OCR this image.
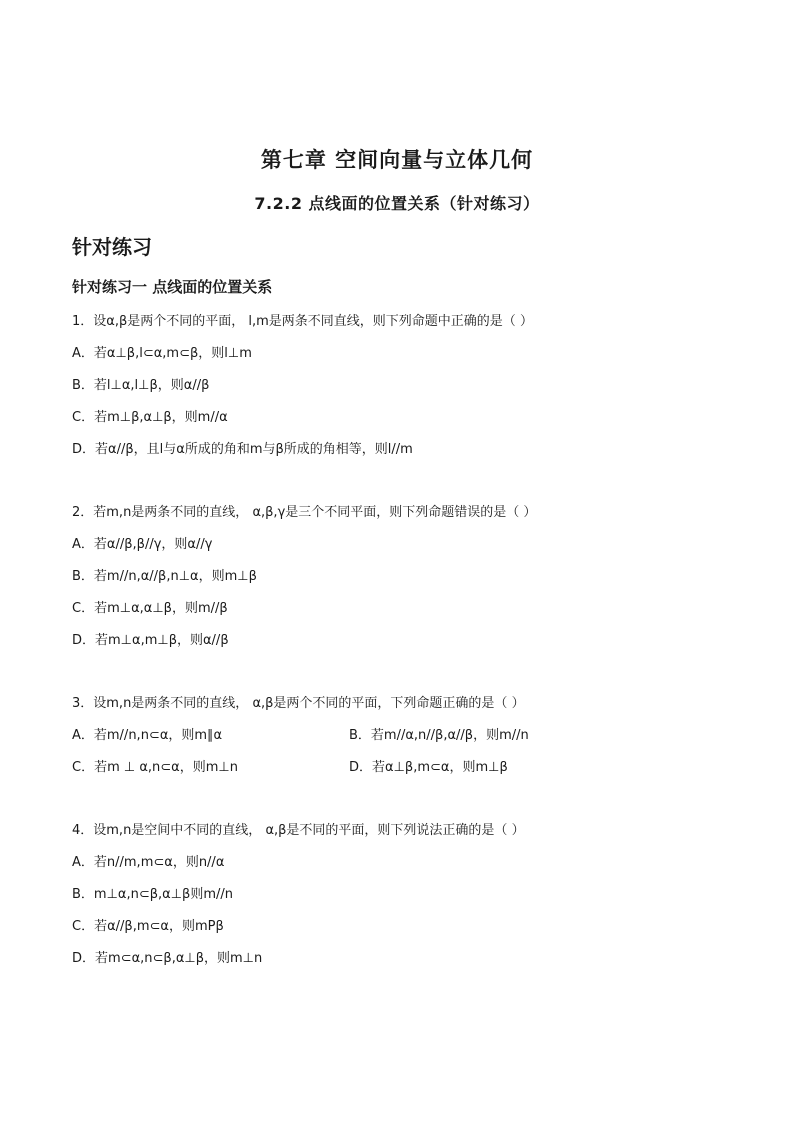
第七章 空间向量与立体几何
7.2.2 点线面的位置关系（针对练习）
针对练习
针对练习一 点线面的位置关系
1．设α,β是两个不同的平面， l,m是两条不同直线，则下列命题中正确的是（ ）
A．若α⊥β,l⊂α,m⊂β，则l⊥m
B．若l⊥α,l⊥β，则α//β
C．若m⊥β,α⊥β，则m//α
D．若α//β，且l与α所成的角和m与β所成的角相等，则l//m
2．若m,n是两条不同的直线， α,β,γ是三个不同平面，则下列命题错误的是（ ）
A．若α//β,β//γ，则α//γ
B．若m//n,α//β,n⊥α，则m⊥β
C．若m⊥α,α⊥β，则m//β
D．若m⊥α,m⊥β，则α//β
3．设m,n是两条不同的直线， α,β是两个不同的平面，下列命题正确的是（ ）
A．若m//n,n⊂α，则m∥α	B．若m//α,n//β,α//β，则m//n
C．若m ⊥ α,n⊂α，则m⊥n	D．若α⊥β,m⊂α，则m⊥β
4．设m,n是空间中不同的直线， α,β是不同的平面，则下列说法正确的是（ ）
A．若n//m,m⊂α，则n//α
B．m⊥α,n⊂β,α⊥β则m//n
C．若α//β,m⊂α，则mPβ
D．若m⊂α,n⊂β,α⊥β，则m⊥n
